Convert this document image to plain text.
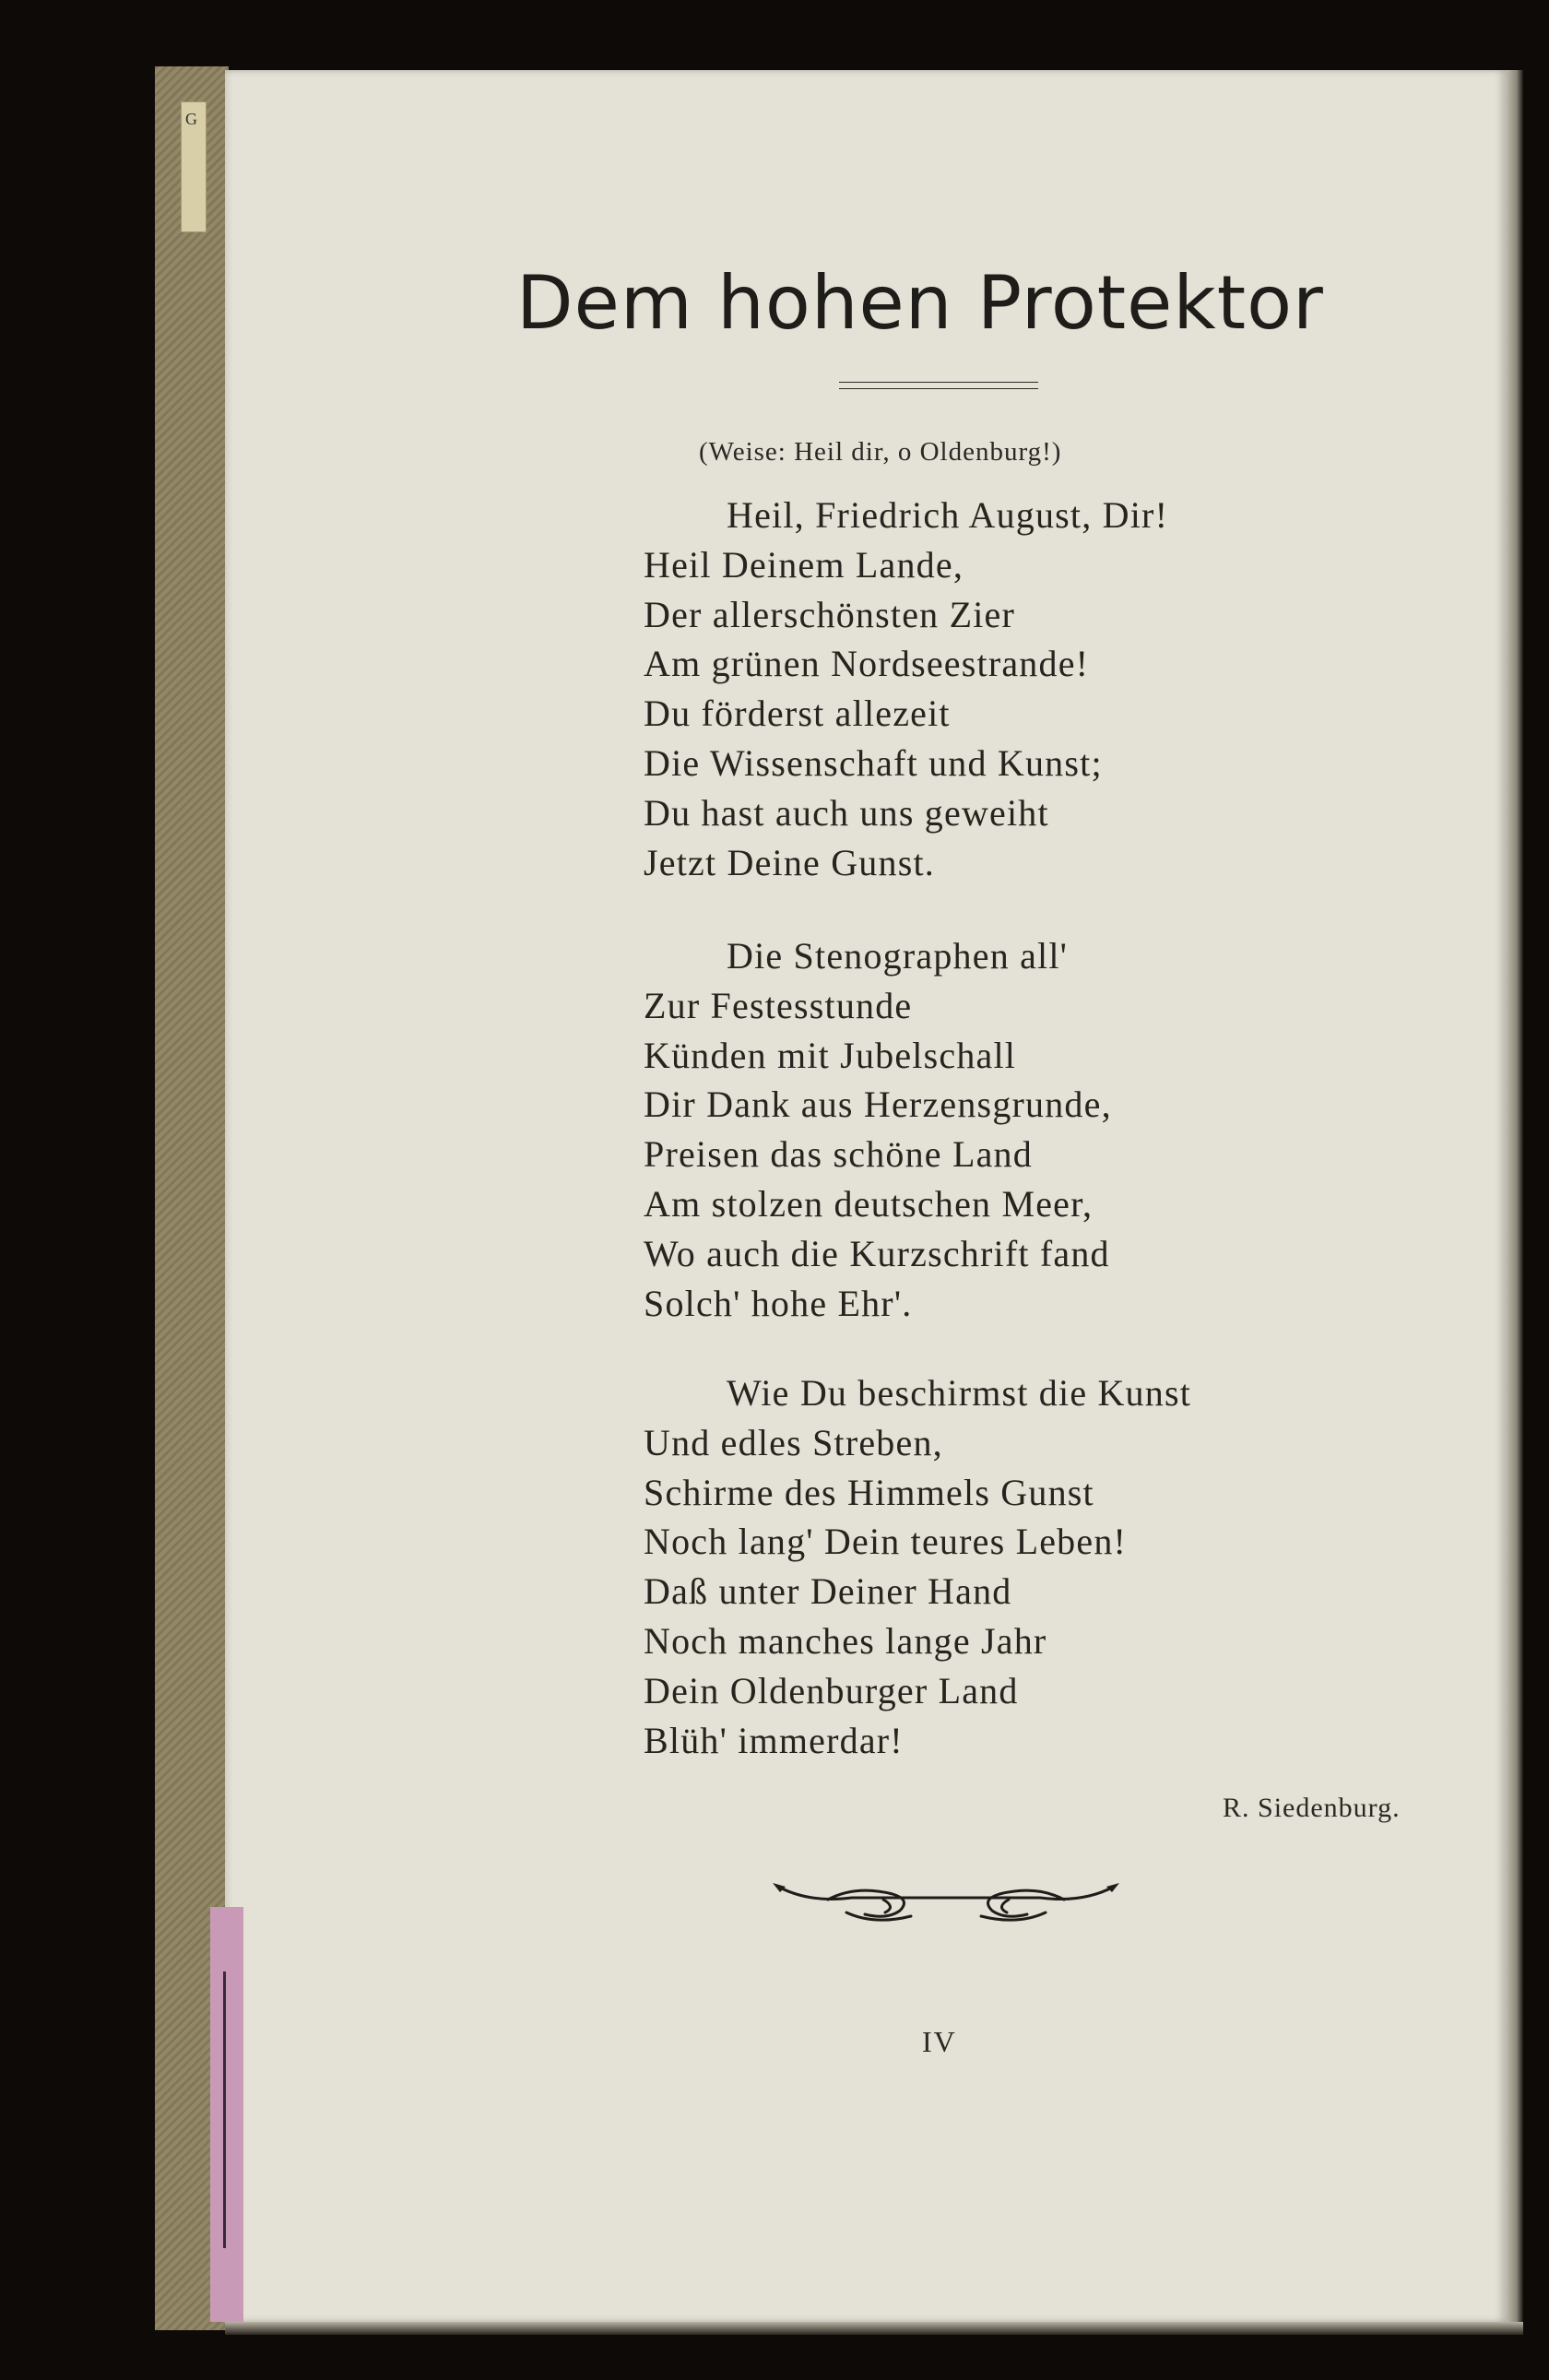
G
Dem hohen Protektor
(Weise: Heil dir, o Oldenburg!)
Heil, Friedrich August, Dir!
Heil Deinem Lande,
Der allerschönsten Zier
Am grünen Nordseestrande!
Du förderst allezeit
Die Wissenschaft und Kunst;
Du hast auch uns geweiht
Jetzt Deine Gunst.
Die Stenographen all'
Zur Festesstunde
Künden mit Jubelschall
Dir Dank aus Herzensgrunde,
Preisen das schöne Land
Am stolzen deutschen Meer,
Wo auch die Kurzschrift fand
Solch' hohe Ehr'.
Wie Du beschirmst die Kunst
Und edles Streben,
Schirme des Himmels Gunst
Noch lang' Dein teures Leben!
Daß unter Deiner Hand
Noch manches lange Jahr
Dein Oldenburger Land
Blüh' immerdar!
R. Siedenburg.
IV
